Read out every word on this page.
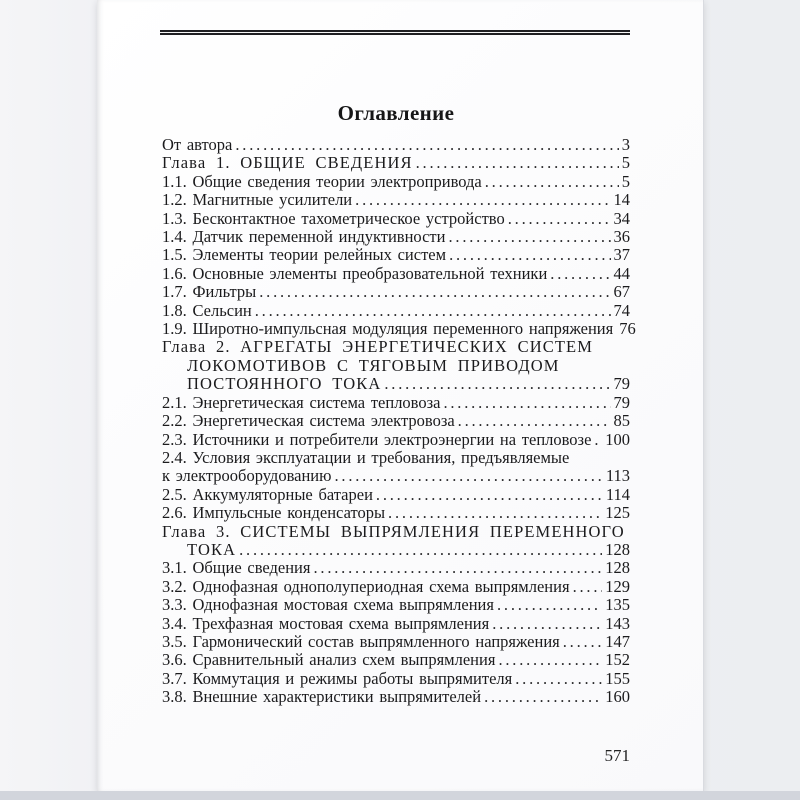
Оглавление
От автора .....	3
Глава 1. ОБЩИЕ СВЕДЕНИЯ .....	5
1.1. Общие сведения теории электропривода .....	5
1.2. Магнитные усилители .....	14
1.3. Бесконтактное тахометрическое устройство .....	34
1.4. Датчик переменной индуктивности .....	36
1.5. Элементы теории релейных систем .....	37
1.6. Основные элементы преобразовательной техники .....	44
1.7. Фильтры .....	67
1.8. Сельсин .....	74
1.9. Широтно-импульсная модуляция переменного напряжения 76
Глава 2. АГРЕГАТЫ ЭНЕРГЕТИЧЕСКИХ СИСТЕМ
ЛОКОМОТИВОВ С ТЯГОВЫМ ПРИВОДОМ
ПОСТОЯННОГО ТОКА .....	79
2.1. Энергетическая система тепловоза .....	79
2.2. Энергетическая система электровоза .....	85
2.3. Источники и потребители электроэнергии на тепловозе ..... 100
2.4. Условия эксплуатации и требования, предъявляемые
к электрооборудованию .....	113
2.5. Аккумуляторные батареи .....	114
2.6. Импульсные конденсаторы .....	125
Глава 3. СИСТЕМЫ ВЫПРЯМЛЕНИЯ ПЕРЕМЕННОГО
ТОКА .....	128
3.1. Общие сведения .....	128
3.2. Однофазная однополупериодная схема выпрямления ..... 129
3.3. Однофазная мостовая схема выпрямления .....	135
3.4. Трехфазная мостовая схема выпрямления .....	143
3.5. Гармонический состав выпрямленного напряжения .....	147
3.6. Сравнительный анализ схем выпрямления .....	152
3.7. Коммутация и режимы работы выпрямителя .....	155
3.8. Внешние характеристики выпрямителей .....	160
571
